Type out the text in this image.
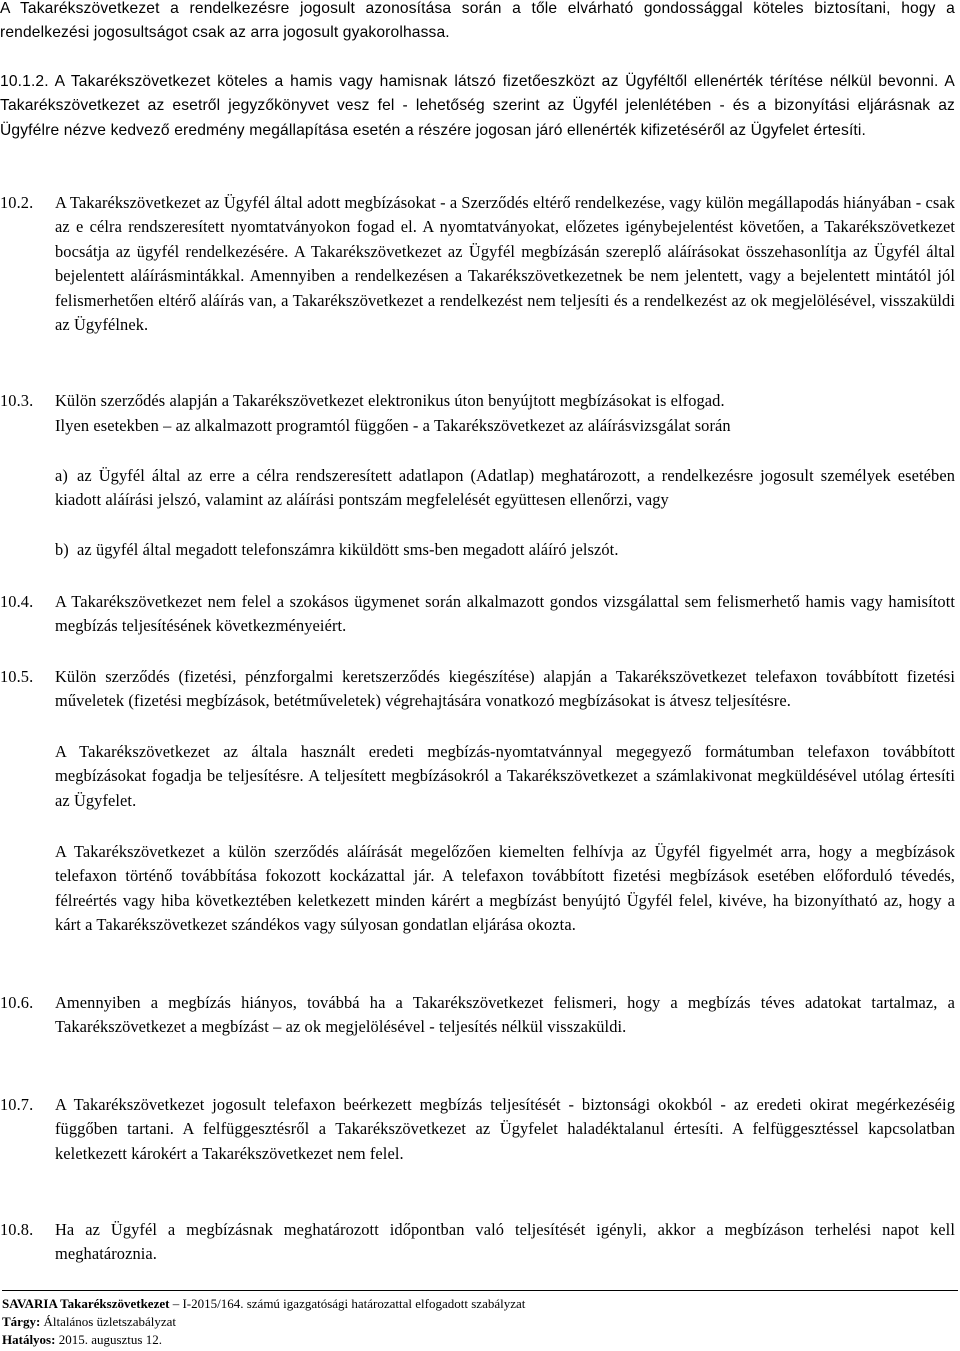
A Takarékszövetkezet a rendelkezésre jogosult azonosítása során a tőle elvárható gondossággal köteles biztosítani, hogy a rendelkezési jogosultságot csak az arra jogosult gyakorolhassa.
10.1.2. A Takarékszövetkezet köteles a hamis vagy hamisnak látszó fizetőeszközt az Ügyféltől ellenérték térítése nélkül bevonni. A Takarékszövetkezet az esetről jegyzőkönyvet vesz fel - lehetőség szerint az Ügyfél jelenlétében - és a bizonyítási eljárásnak az Ügyfélre nézve kedvező eredmény megállapítása esetén a részére jogosan járó ellenérték kifizetéséről az Ügyfelet értesíti.
10.2.	A Takarékszövetkezet az Ügyfél által adott megbízásokat - a Szerződés eltérő rendelkezése, vagy külön megállapodás hiányában - csak az e célra rendszeresített nyomtatványokon fogad el. A nyomtatványokat, előzetes igénybejelentést követően, a Takarékszövetkezet bocsátja az ügyfél rendelkezésére. A Takarékszövetkezet az Ügyfél megbízásán szereplő aláírásokat összehasonlítja az Ügyfél által bejelentett aláírásmintákkal. Amennyiben a rendelkezésen a Takarékszövetkezetnek be nem jelentett, vagy a bejelentett mintától jól felismerhetően eltérő aláírás van, a Takarékszövetkezet a rendelkezést nem teljesíti és a rendelkezést az ok megjelölésével, visszaküldi az Ügyfélnek.
10.3.	Külön szerződés alapján a Takarékszövetkezet elektronikus úton benyújtott megbízásokat is elfogad.
Ilyen esetekben – az alkalmazott programtól függően - a Takarékszövetkezet az aláírásvizsgálat során
a) az Ügyfél által az erre a célra rendszeresített adatlapon (Adatlap) meghatározott, a rendelkezésre jogosult személyek esetében kiadott aláírási jelszó, valamint az aláírási pontszám megfelelését együttesen ellenőrzi, vagy
b) az ügyfél által megadott telefonszámra kiküldött sms-ben megadott aláíró jelszót.
10.4.	A Takarékszövetkezet nem felel a szokásos ügymenet során alkalmazott gondos vizsgálattal sem felismerhető hamis vagy hamisított megbízás teljesítésének következményeiért.
10.5.	Külön szerződés (fizetési, pénzforgalmi keretszerződés kiegészítése) alapján a Takarékszövetkezet telefaxon továbbított fizetési műveletek (fizetési megbízások, betétműveletek) végrehajtására vonatkozó megbízásokat is átvesz teljesítésre.
A Takarékszövetkezet az általa használt eredeti megbízás-nyomtatvánnyal megegyező formátumban telefaxon továbbított megbízásokat fogadja be teljesítésre. A teljesített megbízásokról a Takarékszövetkezet a számlakivonat megküldésével utólag értesíti az Ügyfelet.
A Takarékszövetkezet a külön szerződés aláírását megelőzően kiemelten felhívja az Ügyfél figyelmét arra, hogy a megbízások telefaxon történő továbbítása fokozott kockázattal jár. A telefaxon továbbított fizetési megbízások esetében előforduló tévedés, félreértés vagy hiba következtében keletkezett minden kárért a megbízást benyújtó Ügyfél felel, kivéve, ha bizonyítható az, hogy a kárt a Takarékszövetkezet szándékos vagy súlyosan gondatlan eljárása okozta.
10.6.	Amennyiben a megbízás hiányos, továbbá ha a Takarékszövetkezet felismeri, hogy a megbízás téves adatokat tartalmaz, a Takarékszövetkezet a megbízást – az ok megjelölésével - teljesítés nélkül visszaküldi.
10.7.	A Takarékszövetkezet jogosult telefaxon beérkezett megbízás teljesítését - biztonsági okokból - az eredeti okirat megérkezéséig függőben tartani. A felfüggesztésről a Takarékszövetkezet az Ügyfelet haladéktalanul értesíti. A felfüggesztéssel kapcsolatban keletkezett károkért a Takarékszövetkezet nem felel.
10.8.	Ha az Ügyfél a megbízásnak meghatározott időpontban való teljesítését igényli, akkor a megbízáson terhelési napot kell meghatároznia.
SAVARIA Takarékszövetkezet – I-2015/164. számú igazgatósági határozattal elfogadott szabályzat
Tárgy: Általános üzletszabályzat
Hatályos: 2015. augusztus 12.
